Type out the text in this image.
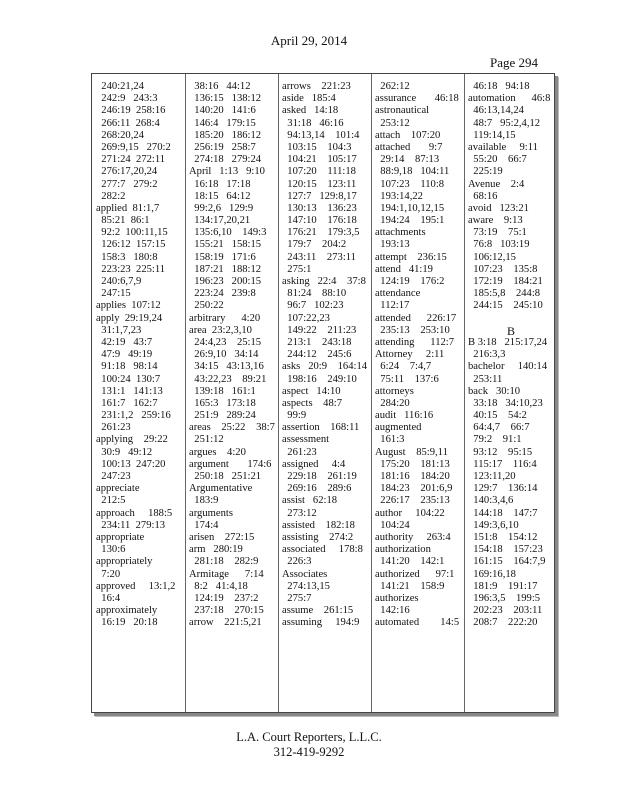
April 29, 2014
Page 294
240:21,24
242:9   243:3
246:19  258:16
266:11  268:4
268:20,24
269:9,15   270:2
271:24  272:11
276:17,20,24
277:7   279:2
282:2
applied  81:1,7
85:21  86:1
92:2  100:11,15
126:12  157:15
158:3   180:8
223:23  225:11
240:6,7,9
247:15
applies  107:12
apply  29:19,24
31:1,7,23
42:19   43:7
47:9   49:19
91:18   98:14
100:24  130:7
131:1   141:13
161:7   162:7
231:1,2   259:16
261:23
applying    29:22
30:9   49:12
100:13  247:20
247:23
appreciate
212:5
approach     188:5
234:11  279:13
appropriate
130:6
appropriately
7:20
approved     13:1,2
16:4
approximately
16:19   20:18
38:16   44:12
136:15   138:12
140:20   141:6
146:4   179:15
185:20   186:12
256:19   258:7
274:18   279:24
April   1:13   9:10
16:18   17:18
18:15   64:12
99:2,6   129:9
134:17,20,21
135:6,10    149:3
155:21   158:15
158:19   171:6
187:21   188:12
196:23   200:15
223:24   239:8
250:22
arbitrary      4:20
area  23:2,3,10
24:4,23    25:15
26:9,10   34:14
34:15   43:13,16
43:22,23    89:21
139:18   161:1
165:3   173:18
251:9   289:24
areas    25:22    38:7
251:12
argues    4:20
argument       174:6
250:18   251:21
Argumentative
183:9
arguments
174:4
arisen    272:15
arm   280:19
281:18    282:9
Armitage      7:14
8:2   41:4,18
124:19    237:2
237:18    270:15
arrow    221:5,21
arrows    221:23
aside   185:4
asked   14:18
31:18   46:16
94:13,14    101:4
103:15    104:3
104:21    105:17
107:20    111:18
120:15    123:11
127:7   129:8,17
130:13    136:23
147:10    176:18
176:21    179:3,5
179:7    204:2
243:11    273:11
275:1
asking   22:4    37:8
81:24    88:10
96:7   102:23
107:22,23
149:22    211:23
213:1    243:18
244:12    245:6
asks   20:9    164:14
198:16    249:10
aspect   14:10
aspects    48:7
99:9
assertion    168:11
assessment
261:23
assigned     4:4
229:18    261:19
269:16    289:6
assist   62:18
273:12
assisted    182:18
assisting    274:2
associated     178:8
226:3
Associates
274:13,15
275:7
assume    261:15
assuming     194:9
262:12
assurance       46:18
astronautical
253:12
attach    107:20
attached       9:7
29:14    87:13
88:9,18   104:11
107:23    110:8
193:14,22
194:1,10,12,15
194:24    195:1
attachments
193:13
attempt    236:15
attend   41:19
124:19    176:2
attendance
112:17
attended      226:17
235:13    253:10
attending      112:7
Attorney     2:11
6:24    7:4,7
75:11    137:6
attorneys
284:20
audit   116:16
augmented
161:3
August    85:9,11
175:20    181:13
181:16    184:20
184:23    201:6,9
226:17    235:13
author     104:22
104:24
authority     263:4
authorization
141:20    142:1
authorized      97:1
141:21    158:9
authorizes
142:16
automated        14:5
46:18   94:18
automation      46:8
46:13,14,24
48:7   95:2,4,12
119:14,15
available     9:11
55:20    66:7
225:19
Avenue    2:4
68:16
avoid   123:21
aware    9:13
73:19    75:1
76:8   103:19
106:12,15
107:23    135:8
172:19    184:21
185:5,8    244:8
244:15    245:10
B
B 3:18   215:17,24
216:3,3
bachelor     140:14
253:11
back   30:10
33:18   34:10,23
40:15    54:2
64:4,7    66:7
79:2    91:1
93:12    95:15
115:17    116:4
123:11,20
129:7    136:14
140:3,4,6
144:18    147:7
149:3,6,10
151:8    154:12
154:18    157:23
161:15    164:7,9
169:16,18
181:9    191:17
196:3,5    199:5
202:23    203:11
208:7    222:20
L.A. Court Reporters, L.L.C.
312-419-9292
